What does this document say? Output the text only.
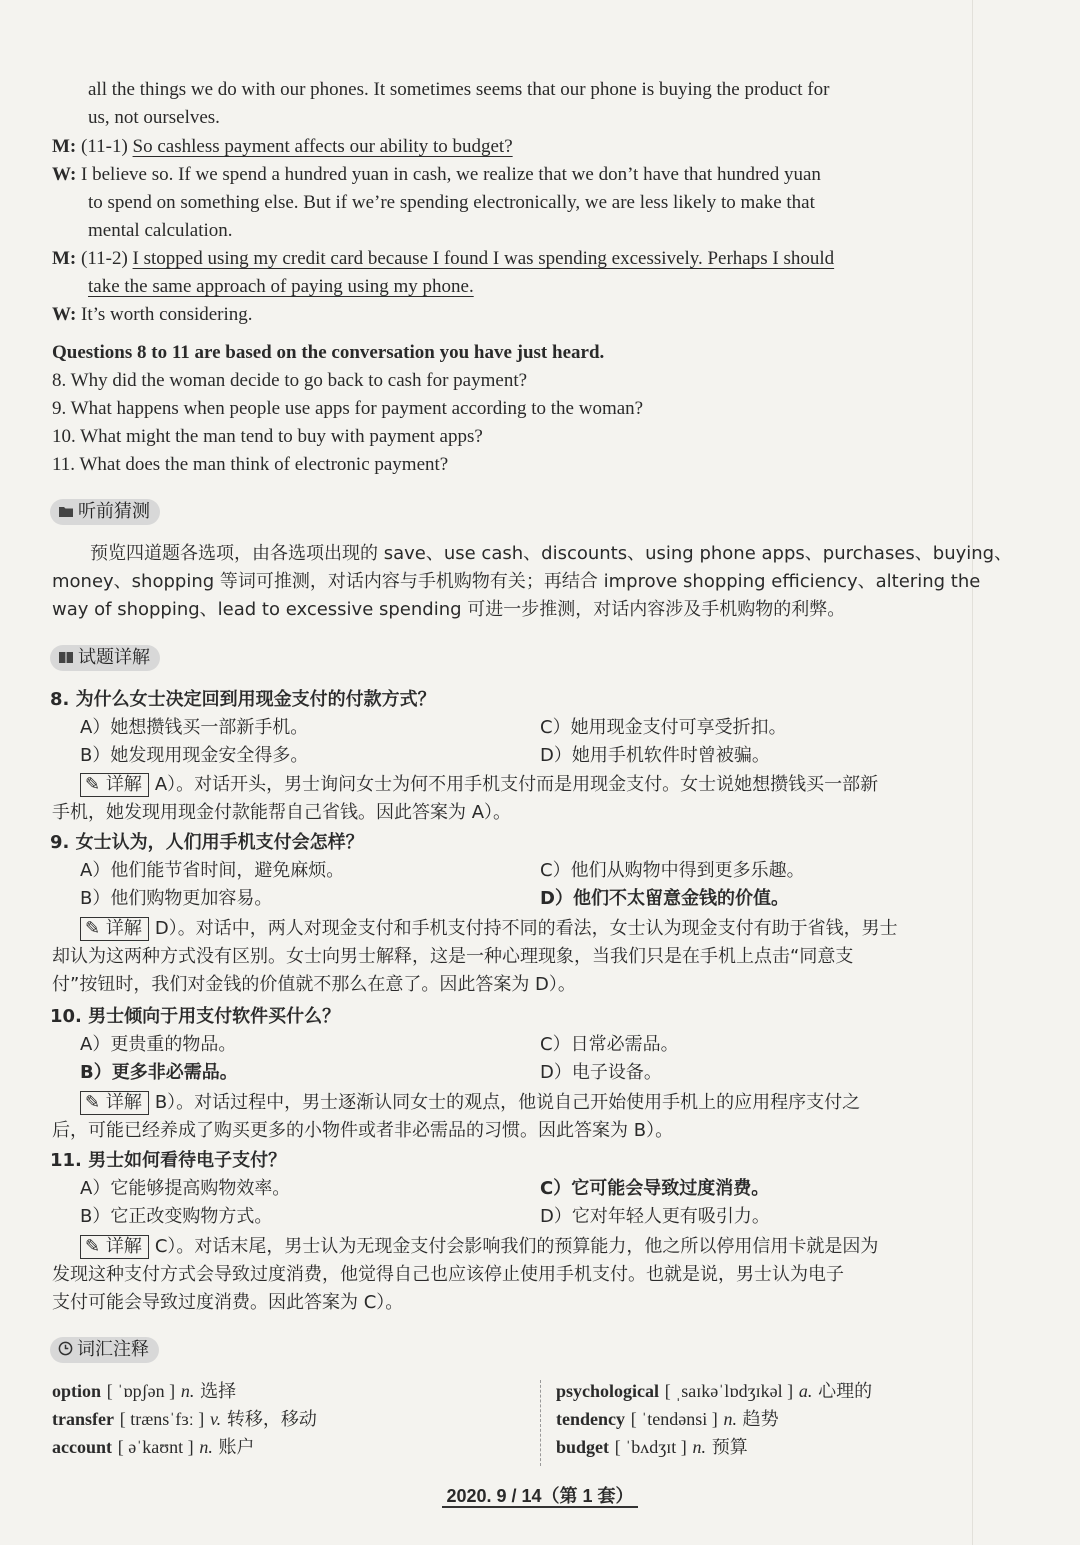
all the things we do with our phones. It sometimes seems that our phone is buying the product for
us, not ourselves.
M: (11-1) So cashless payment affects our ability to budget?
W: I believe so. If we spend a hundred yuan in cash, we realize that we don’t have that hundred yuan
to spend on something else. But if we’re spending electronically, we are less likely to make that
mental calculation.
M: (11-2) I stopped using my credit card because I found I was spending excessively. Perhaps I should
take the same approach of paying using my phone.
W: It’s worth considering.
Questions 8 to 11 are based on the conversation you have just heard.
8. Why did the woman decide to go back to cash for payment?
9. What happens when people use apps for payment according to the woman?
10. What might the man tend to buy with payment apps?
11. What does the man think of electronic payment?
听前猜测
预览四道题各选项，由各选项出现的 save、use cash、discounts、using phone apps、purchases、buying、
money、shopping 等词可推测，对话内容与手机购物有关；再结合 improve shopping efficiency、altering the
way of shopping、lead to excessive spending 可进一步推测，对话内容涉及手机购物的利弊。
试题详解
8. 为什么女士决定回到用现金支付的付款方式？
A）她想攒钱买一部新手机。	C）她用现金支付可享受折扣。
B）她发现用现金安全得多。	D）她用手机软件时曾被骗。
✎ 详解 A）。对话开头，男士询问女士为何不用手机支付而是用现金支付。女士说她想攒钱买一部新
手机，她发现用现金付款能帮自己省钱。因此答案为 A）。
9. 女士认为，人们用手机支付会怎样？
A）他们能节省时间，避免麻烦。	C）他们从购物中得到更多乐趣。
B）他们购物更加容易。	D）他们不太留意金钱的价值。
✎ 详解 D）。对话中，两人对现金支付和手机支付持不同的看法，女士认为现金支付有助于省钱，男士
却认为这两种方式没有区别。女士向男士解释，这是一种心理现象，当我们只是在手机上点击“同意支
付”按钮时，我们对金钱的价值就不那么在意了。因此答案为 D）。
10. 男士倾向于用支付软件买什么？
A）更贵重的物品。	C）日常必需品。
B）更多非必需品。	D）电子设备。
✎ 详解 B）。对话过程中，男士逐渐认同女士的观点，他说自己开始使用手机上的应用程序支付之
后，可能已经养成了购买更多的小物件或者非必需品的习惯。因此答案为 B）。
11. 男士如何看待电子支付？
A）它能够提高购物效率。	C）它可能会导致过度消费。
B）它正改变购物方式。	D）它对年轻人更有吸引力。
✎ 详解 C）。对话末尾，男士认为无现金支付会影响我们的预算能力，他之所以停用信用卡就是因为
发现这种支付方式会导致过度消费，他觉得自己也应该停止使用手机支付。也就是说，男士认为电子
支付可能会导致过度消费。因此答案为 C）。
词汇注释
option [ ˈɒpʃən ] n. 选择
transfer [ trænsˈfɜː ] v. 转移，移动
account [ əˈkaʊnt ] n. 账户
psychological [ ˌsaɪkəˈlɒdʒɪkəl ] a. 心理的
tendency [ ˈtendənsi ] n. 趋势
budget [ ˈbʌdʒɪt ] n. 预算
2020. 9 / 14（第 1 套）
